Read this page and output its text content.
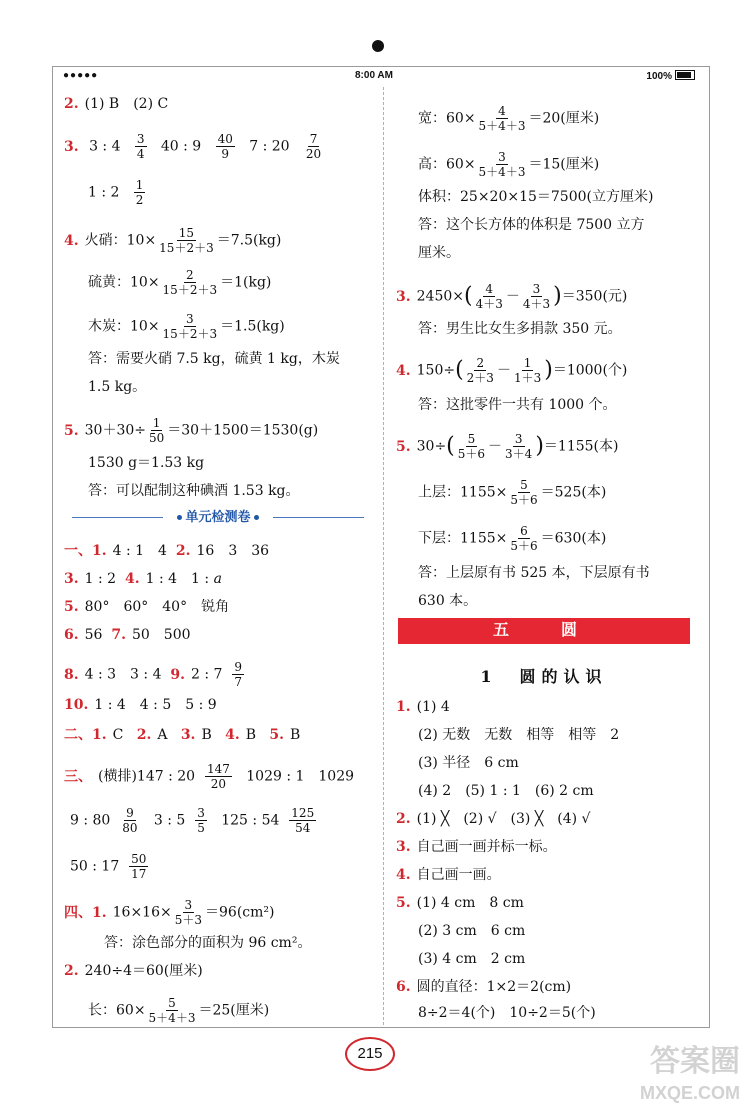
●●●●●	8:00 AM	100%
2. (1) B　(2) C
3. 3 : $4 \frac{3}{4} 40$ : $9 \frac{40}{9} 7$ : $20 \frac{7}{20}$
1 : $2 \frac{1}{2}$
4. 火硝：$10\times \frac{15}{15+2+3} =7.5(kg)$
硫黄：$10\times \frac{2}{15+2+3} =1(kg)$
木炭：$10\times \frac{3}{15+2+3} =1.5(kg)$
答：需要火硝 7.5 kg，硫黄 1 kg，木炭
1.5 kg。
5. $30+30\div \frac{1}{50} =30+1500=1530(g)$
1530 g＝1.53 kg
答：可以配制这种碘酒 1.53 kg。
单元检测卷
一、1. 4 : 1　4 2. 16　3　36
3. 1 : 2 4. 1 : 4　1 : a
5. 80°　60°　40°　锐角
6. 56 7. 50　500
8. 4 : 3　3 : 4 9. 2 : $7 \frac{9}{7}$
10. 1 : 4　4 : 5　5 : 9
二、1. C 2. A 3. B 4. B 5. B
三、 (横排)147 : $20 \frac{147}{20} 1029$ : 1　1029
9 : $80 \frac{9}{80} 3$ : $5 \frac{3}{5} 125$ : $54 \frac{125}{54}$
50 : $17 \frac{50}{17}$
四、1. $16\times 16\times \frac{3}{5+3} =96(cm^2)$
答：涂色部分的面积为 96 cm²。
2. 240÷4＝60(厘米)
长：$60\times \frac{5}{5+4+3} =25$(厘米)
宽：$60\times \frac{4}{5+4+3} =20$(厘米)
高：$60\times \frac{3}{5+4+3} =15$(厘米)
体积：25×20×15＝7500(立方厘米)
答：这个长方体的体积是 7500 立方
厘米。
3. $2450\times( \frac{4}{4+3} - \frac{3}{4+3} )=350$(元)
答：男生比女生多捐款 350 元。
4. $150\div( \frac{2}{2+3} - \frac{1}{1+3} )=1000$(个)
答：这批零件一共有 1000 个。
5. $30\div( \frac{5}{5+6} - \frac{3}{3+4} )=1155$(本)
上层：$1155\times \frac{5}{5+6} =525$(本)
下层：$1155\times \frac{6}{5+6} =630$(本)
答：上层原有书 525 本，下层原有书
630 本。
五　圆
1　圆的认识
1. (1) 4
(2) 无数　无数　相等　相等　2
(3) 半径　6 cm
(4) 2　(5) 1 : 1　(6) 2 cm
2. (1) ╳　(2) √　(3) ╳　(4) √
3. 自己画一画并标一标。
4. 自己画一画。
5. (1) 4 cm　8 cm
(2) 3 cm　6 cm
(3) 4 cm　2 cm
6. 圆的直径：1×2＝2(cm)
8÷2＝4(个)　10÷2＝5(个)
215	答案圈
MXQE.COM
